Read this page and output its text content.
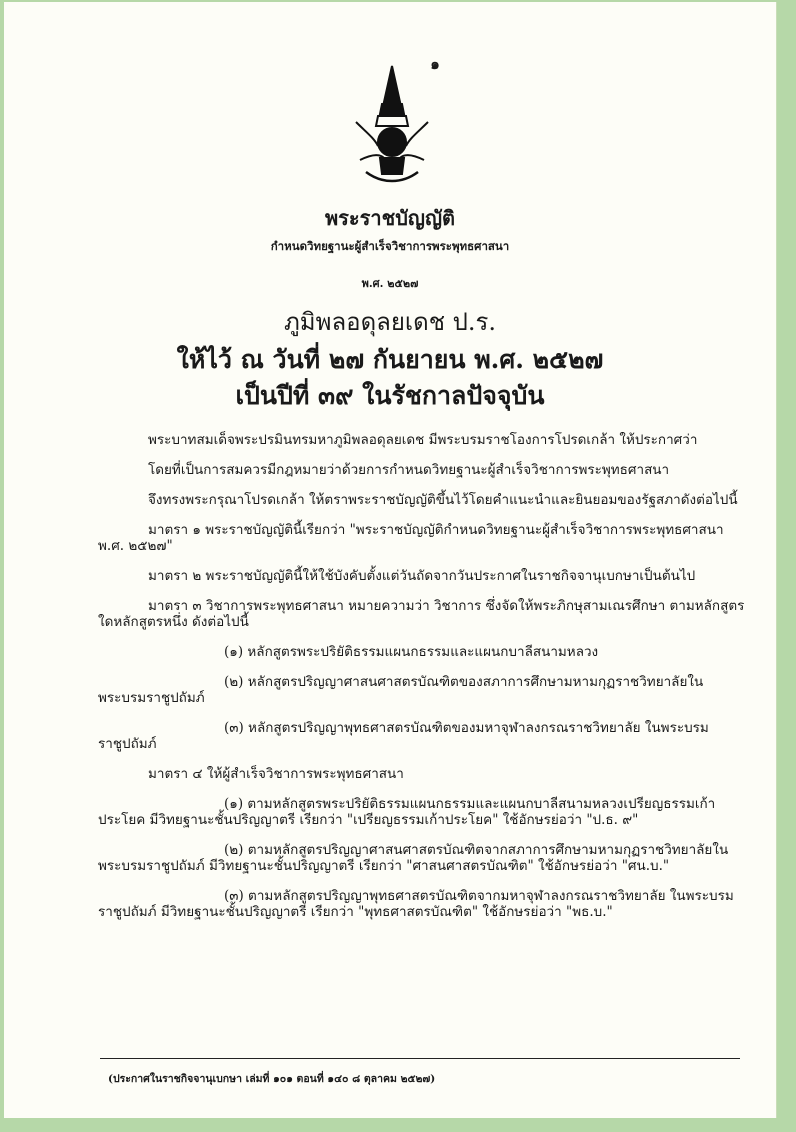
๑
พระราชบัญญัติ
กำหนดวิทยฐานะผู้สำเร็จวิชาการพระพุทธศาสนา
พ.ศ. ๒๕๒๗
ภูมิพลอดุลยเดช ป.ร.
ให้ไว้ ณ วันที่ ๒๗ กันยายน พ.ศ. ๒๕๒๗
เป็นปีที่ ๓๙ ในรัชกาลปัจจุบัน

พระบาทสมเด็จพระปรมินทรมหาภูมิพลอดุลยเดช มีพระบรมราชโองการโปรดเกล้า ให้ประกาศว่า

โดยที่เป็นการสมควรมีกฎหมายว่าด้วยการกำหนดวิทยฐานะผู้สำเร็จวิชาการพระพุทธศาสนา

จึงทรงพระกรุณาโปรดเกล้า ให้ตราพระราชบัญญัติขึ้นไว้โดยคำแนะนำและยินยอมของรัฐสภาดังต่อไปนี้

มาตรา ๑ พระราชบัญญัตินี้เรียกว่า "พระราชบัญญัติกำหนดวิทยฐานะผู้สำเร็จวิชาการพระพุทธศาสนา พ.ศ. ๒๕๒๗"

มาตรา ๒ พระราชบัญญัตินี้ให้ใช้บังคับตั้งแต่วันถัดจากวันประกาศในราชกิจจานุเบกษาเป็นต้นไป

มาตรา ๓ วิชาการพระพุทธศาสนา หมายความว่า วิชาการ ซึ่งจัดให้พระภิกษุสามเณรศึกษา ตามหลักสูตรใดหลักสูตรหนึ่ง ดังต่อไปนี้

(๑) หลักสูตรพระปริยัติธรรมแผนกธรรมและแผนกบาลีสนามหลวง

(๒) หลักสูตรปริญญาศาสนศาสตรบัณฑิตของสภาการศึกษามหามกุฏราชวิทยาลัยในพระบรมราชูปถัมภ์

(๓) หลักสูตรปริญญาพุทธศาสตรบัณฑิตของมหาจุฬาลงกรณราชวิทยาลัย ในพระบรมราชูปถัมภ์

มาตรา ๔ ให้ผู้สำเร็จวิชาการพระพุทธศาสนา

(๑) ตามหลักสูตรพระปริยัติธรรมแผนกธรรมและแผนกบาลีสนามหลวงเปรียญธรรมเก้าประโยค มีวิทยฐานะชั้นปริญญาตรี เรียกว่า "เปรียญธรรมเก้าประโยค" ใช้อักษรย่อว่า "ป.ธ. ๙"

(๒) ตามหลักสูตรปริญญาศาสนศาสตรบัณฑิตจากสภาการศึกษามหามกุฏราชวิทยาลัยในพระบรมราชูปถัมภ์ มีวิทยฐานะชั้นปริญญาตรี เรียกว่า "ศาสนศาสตรบัณฑิต" ใช้อักษรย่อว่า "ศน.บ."

(๓) ตามหลักสูตรปริญญาพุทธศาสตรบัณฑิตจากมหาจุฬาลงกรณราชวิทยาลัย ในพระบรมราชูปถัมภ์ มีวิทยฐานะชั้นปริญญาตรี เรียกว่า "พุทธศาสตรบัณฑิต" ใช้อักษรย่อว่า "พธ.บ."

(ประกาศในราชกิจจานุเบกษา เล่มที่ ๑๐๑ ตอนที่ ๑๔๐ ๘ ตุลาคม ๒๕๒๗)
